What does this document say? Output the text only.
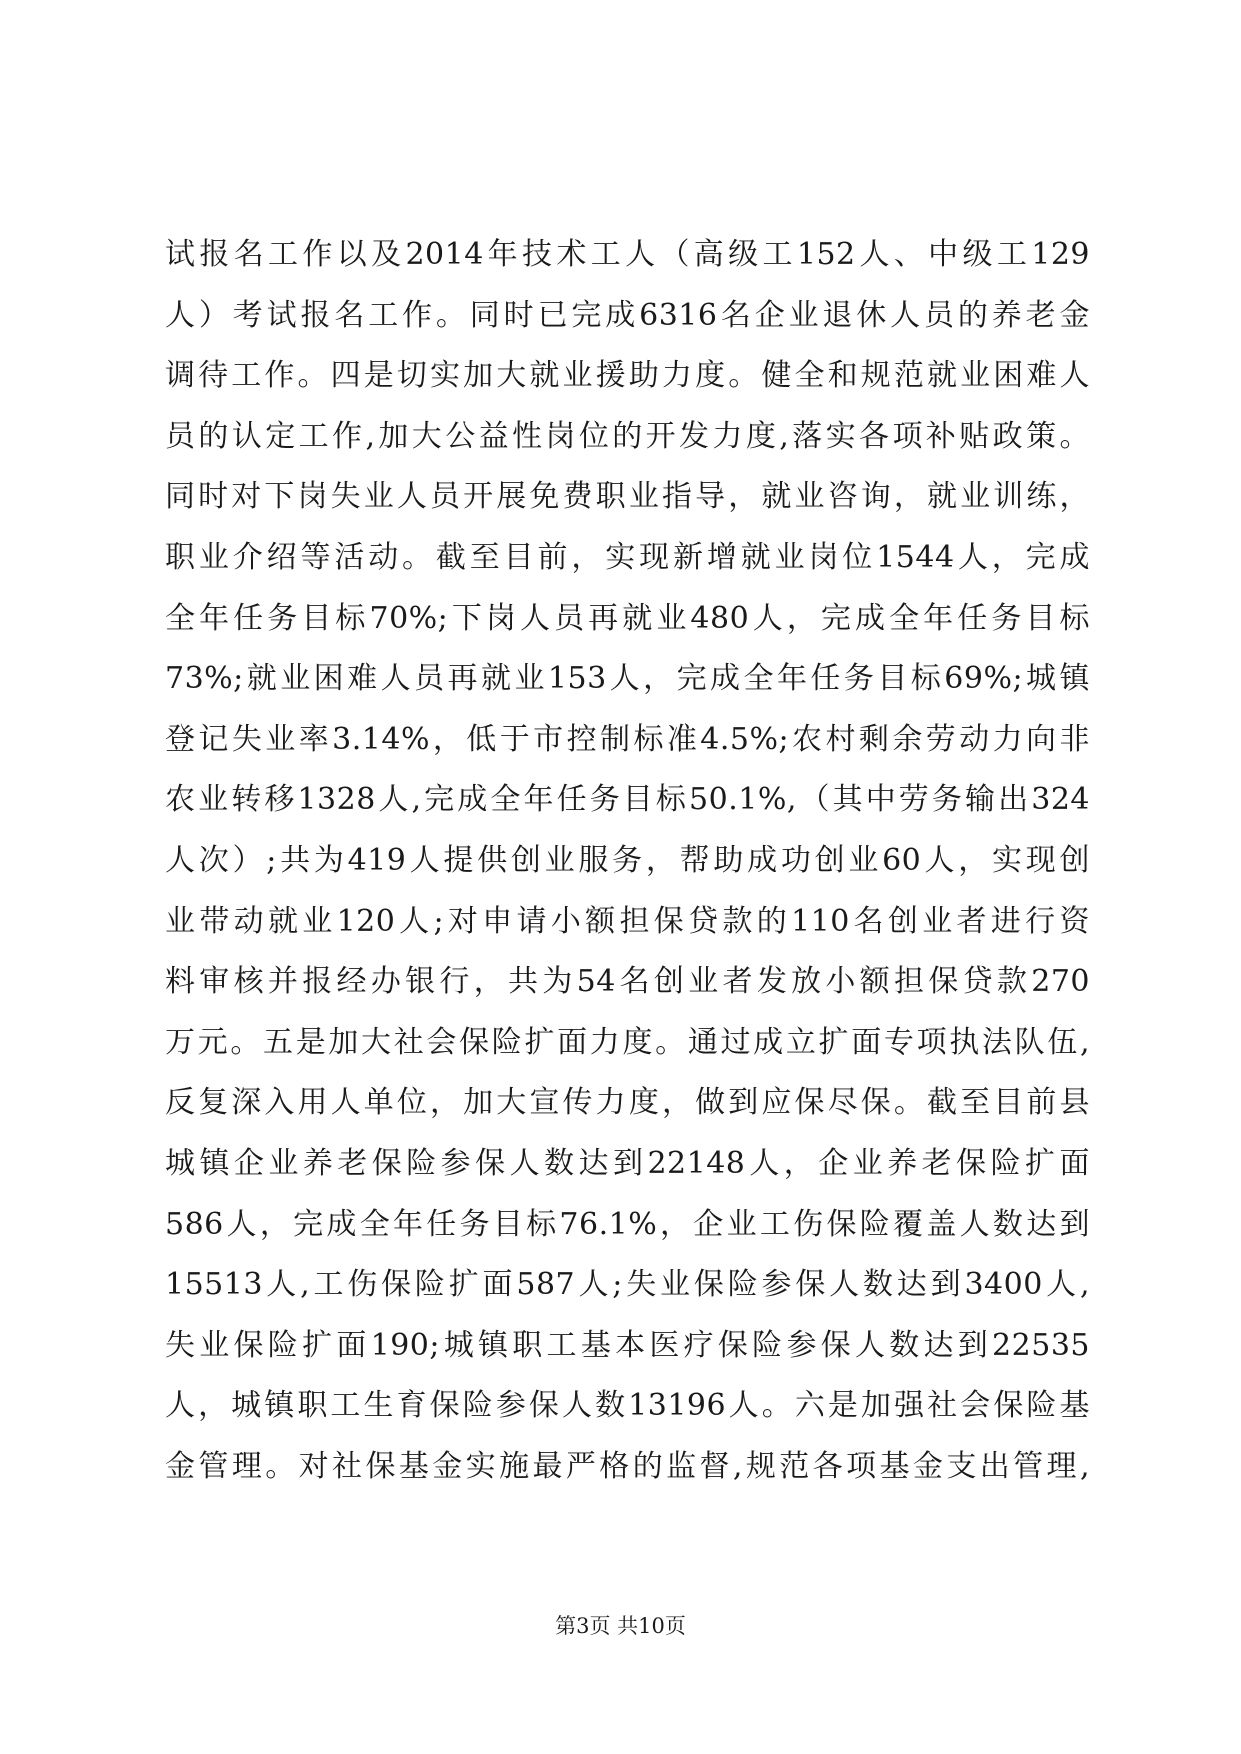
试报名工作以及2014年技术工人（高级工152人、中级工129
人）考试报名工作。同时已完成6316名企业退休人员的养老金
调待工作。四是切实加大就业援助力度。健全和规范就业困难人
员的认定工作,加大公益性岗位的开发力度,落实各项补贴政策。
同时对下岗失业人员开展免费职业指导，就业咨询，就业训练，
职业介绍等活动。截至目前，实现新增就业岗位1544人，完成
全年任务目标70%;下岗人员再就业480人，完成全年任务目标
73%;就业困难人员再就业153人，完成全年任务目标69%;城镇
登记失业率3.14%，低于市控制标准4.5%;农村剩余劳动力向非
农业转移1328人,完成全年任务目标50.1%,（其中劳务输出324
人次）;共为419人提供创业服务，帮助成功创业60人，实现创
业带动就业120人;对申请小额担保贷款的110名创业者进行资
料审核并报经办银行，共为54名创业者发放小额担保贷款270
万元。五是加大社会保险扩面力度。通过成立扩面专项执法队伍,
反复深入用人单位，加大宣传力度，做到应保尽保。截至目前县
城镇企业养老保险参保人数达到22148人，企业养老保险扩面
586人，完成全年任务目标76.1%，企业工伤保险覆盖人数达到
15513人,工伤保险扩面587人;失业保险参保人数达到3400人,
失业保险扩面190;城镇职工基本医疗保险参保人数达到22535
人，城镇职工生育保险参保人数13196人。六是加强社会保险基
金管理。对社保基金实施最严格的监督,规范各项基金支出管理,
第3页 共10页
